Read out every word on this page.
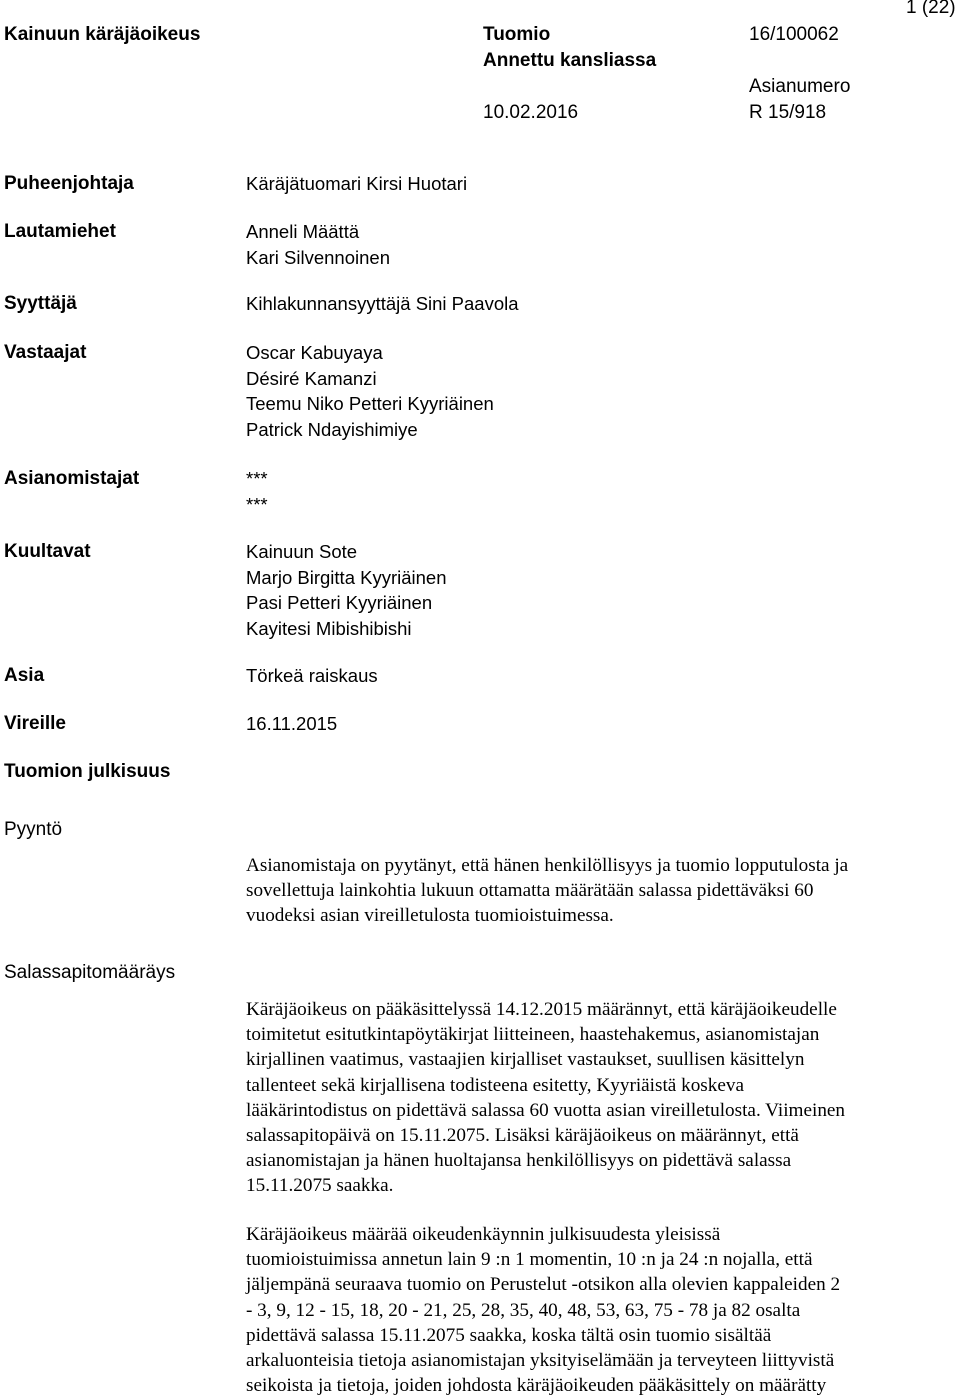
Kainuun käräjäoikeus	Tuomio
Annettu kansliassa
10.02.2016
16/100062
Asianumero
R 15/918
1 (22)
Puheenjohtaja	Käräjätuomari Kirsi Huotari
Lautamiehet	Anneli Määttä
Kari Silvennoinen
Syyttäjä	Kihlakunnansyyttäjä Sini Paavola
Vastaajat	Oscar Kabuyaya
Désiré Kamanzi
Teemu Niko Petteri Kyyriäinen
Patrick Ndayishimiye
Asianomistajat	***
***
Kuultavat	Kainuun Sote
Marjo Birgitta Kyyriäinen
Pasi Petteri Kyyriäinen
Kayitesi Mibishibishi
Asia	Törkeä raiskaus
Vireille	16.11.2015
Tuomion julkisuus
Pyyntö

Asianomistaja on pyytänyt, että hänen henkilöllisyys ja tuomio lopputulosta ja
sovellettuja lainkohtia lukuun ottamatta määrätään salassa pidettäväksi 60
vuodeksi asian vireilletulosta tuomioistuimessa.

Salassapitomääräys

Käräjäoikeus on pääkäsittelyssä 14.12.2015 määrännyt, että käräjäoikeudelle
toimitetut esitutkintapöytäkirjat liitteineen, haastehakemus, asianomistajan
kirjallinen vaatimus, vastaajien kirjalliset vastaukset, suullisen käsittelyn
tallenteet sekä kirjallisena todisteena esitetty, Kyyriäistä koskeva
lääkärintodistus on pidettävä salassa 60 vuotta asian vireilletulosta. Viimeinen
salassapitopäivä on 15.11.2075. Lisäksi käräjäoikeus on määrännyt, että
asianomistajan ja hänen huoltajansa henkilöllisyys on pidettävä salassa
15.11.2075 saakka.

Käräjäoikeus määrää oikeudenkäynnin julkisuudesta yleisissä
tuomioistuimissa annetun lain 9 :n 1 momentin, 10 :n ja 24 :n nojalla, että
jäljempänä seuraava tuomio on Perustelut -otsikon alla olevien kappaleiden 2
- 3, 9, 12 - 15, 18, 20 - 21, 25, 28, 35, 40, 48, 53, 63, 75 - 78 ja 82 osalta
pidettävä salassa 15.11.2075 saakka, koska tältä osin tuomio sisältää
arkaluonteisia tietoja asianomistajan yksityiselämään ja terveyteen liittyvistä
seikoista ja tietoja, joiden johdosta käräjäoikeuden pääkäsittely on määrätty
